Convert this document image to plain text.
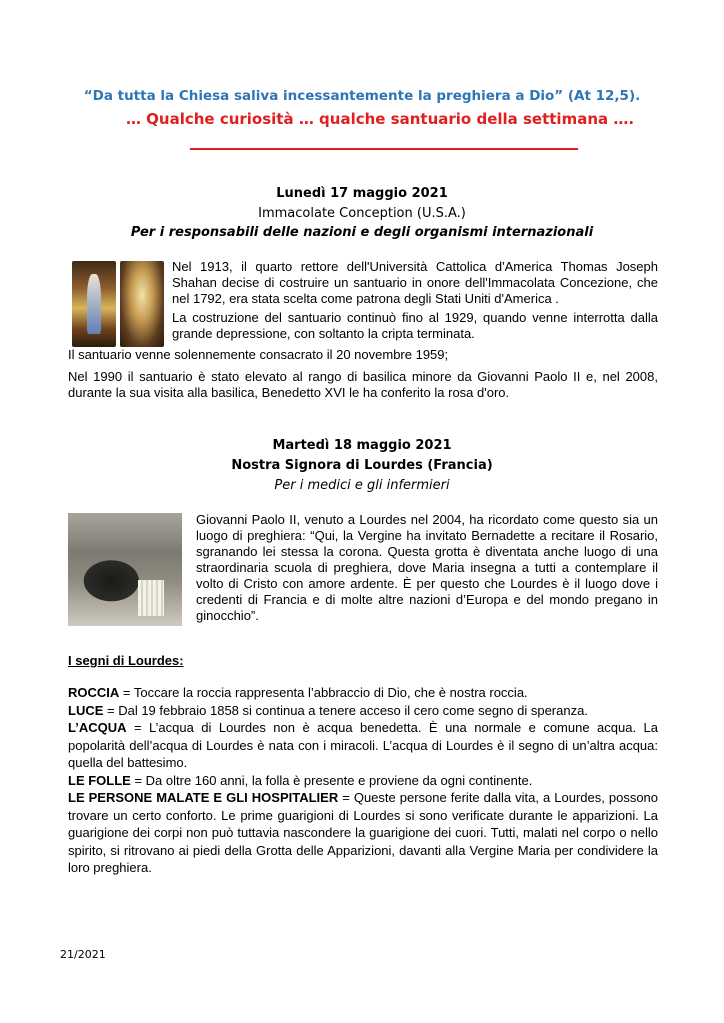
“Da tutta la Chiesa saliva incessantemente la preghiera a Dio” (At 12,5).
… Qualche curiosità … qualche santuario della settimana ….
Lunedì 17 maggio 2021
Immacolate Conception (U.S.A.)
Per i responsabili delle nazioni e degli organismi internazionali

Nel 1913, il quarto rettore dell'Università Cattolica d'America Thomas Joseph Shahan decise di costruire un santuario in onore dell'Immacolata Concezione, che nel 1792, era stata scelta come patrona degli Stati Uniti d'America .

La costruzione del santuario continuò fino al 1929, quando venne interrotta dalla grande depressione, con soltanto la cripta terminata.

Il santuario venne solennemente consacrato il 20 novembre 1959;

Nel 1990 il santuario è stato elevato al rango di basilica minore da Giovanni Paolo II e, nel 2008, durante la sua visita alla basilica, Benedetto XVI le ha conferito la rosa d'oro.

Martedì 18 maggio 2021
Nostra Signora di Lourdes (Francia)
Per i medici e gli infermieri

Giovanni Paolo II, venuto a Lourdes nel 2004, ha ricordato come questo sia un luogo di preghiera: “Qui, la Vergine ha invitato Bernadette a recitare il Rosario, sgranando lei stessa la corona. Questa grotta è diventata anche luogo di una straordinaria scuola di preghiera, dove Maria insegna a tutti a contemplare il volto di Cristo con amore ardente. È per questo che Lourdes è il luogo dove i credenti di Francia e di molte altre nazioni d’Europa e del mondo pregano in ginocchio”.

I segni di Lourdes:
ROCCIA = Toccare la roccia rappresenta l’abbraccio di Dio, che è nostra roccia.
LUCE = Dal 19 febbraio 1858 si continua a tenere acceso il cero come segno di speranza.
L’ACQUA = L’acqua di Lourdes non è acqua benedetta. È una normale e comune acqua. La popolarità dell’acqua di Lourdes è nata con i miracoli. L’acqua di Lourdes è il segno di un’altra acqua: quella del battesimo.
LE FOLLE = Da oltre 160 anni, la folla è presente e proviene da ogni continente.
LE PERSONE MALATE E GLI HOSPITALIER = Queste persone ferite dalla vita, a Lourdes, possono trovare un certo conforto. Le prime guarigioni di Lourdes si sono verificate durante le apparizioni. La guarigione dei corpi non può tuttavia nascondere la guarigione dei cuori. Tutti, malati nel corpo o nello spirito, si ritrovano ai piedi della Grotta delle Apparizioni, davanti alla Vergine Maria per condividere la loro preghiera.
21/2021
